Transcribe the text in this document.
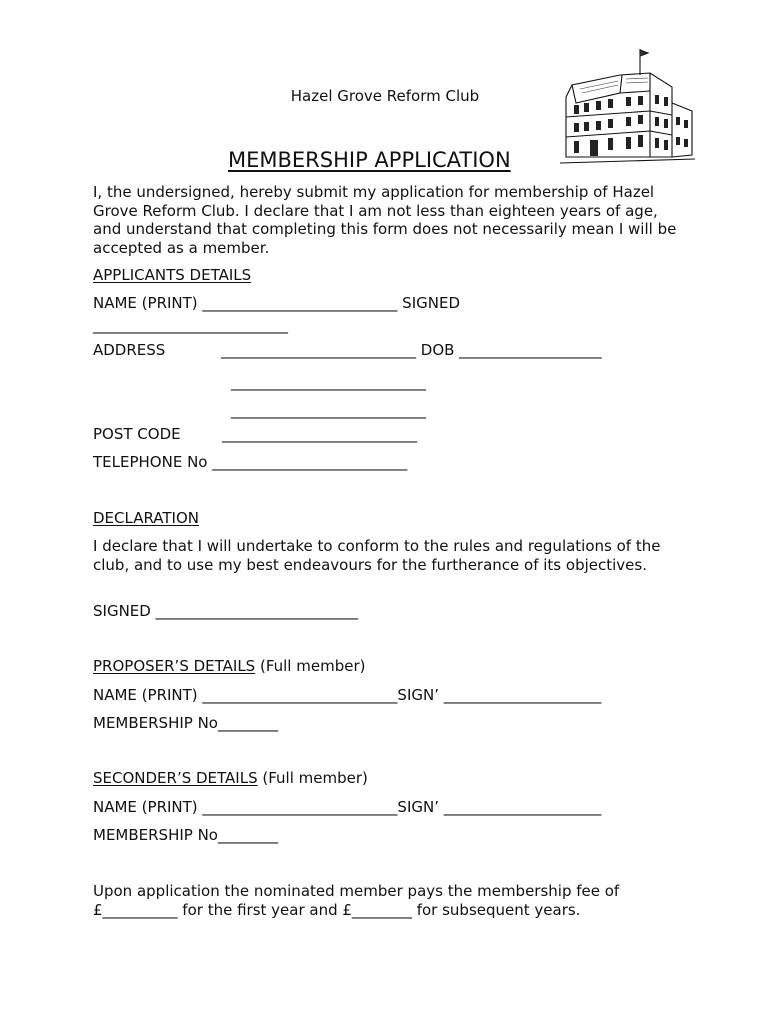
Hazel Grove Reform Club
MEMBERSHIP APPLICATION
I, the undersigned, hereby submit my application for membership of Hazel Grove Reform Club. I declare that I am not less than eighteen years of age, and understand that completing this form does not necessarily mean I will be accepted as a member.
APPLICANTS DETAILS
NAME (PRINT) __________________________ SIGNED
__________________________
ADDRESS	__________________________ DOB ___________________
__________________________
__________________________
POST CODE	__________________________
TELEPHONE No __________________________
DECLARATION
I declare that I will undertake to conform to the rules and regulations of the club, and to use my best endeavours for the furtherance of its objectives.
SIGNED ___________________________
PROPOSER’S DETAILS (Full member)
NAME (PRINT) __________________________SIGN’ _____________________
MEMBERSHIP No________
SECONDER’S DETAILS (Full member)
NAME (PRINT) __________________________SIGN’ _____________________
MEMBERSHIP No________
Upon application the nominated member pays the membership fee of
£__________ for the first year and £________ for subsequent years.
